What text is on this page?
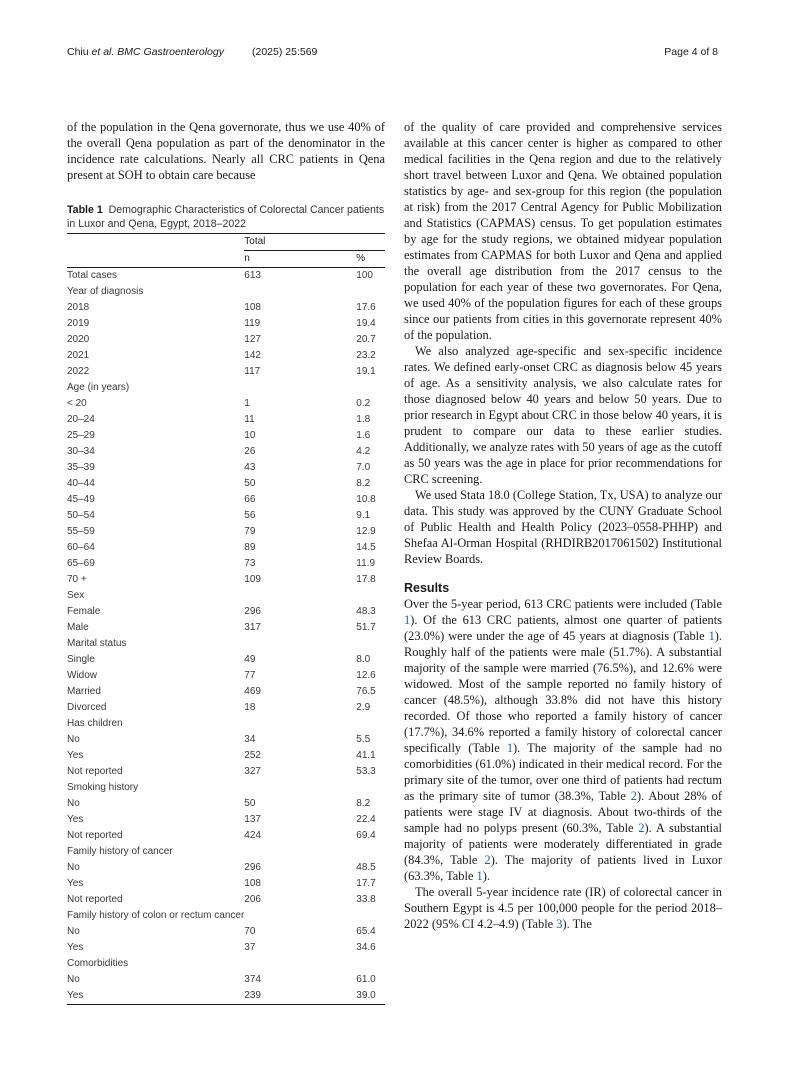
Chiu et al. BMC Gastroenterology	(2025) 25:569	Page 4 of 8

of the population in the Qena governorate, thus we use 40% of the overall Qena population as part of the denominator in the incidence rate calculations. Nearly all CRC patients in Qena present at SOH to obtain care because

Table 1 Demographic Characteristics of Colorectal Cancer patients in Luxor and Qena, Egypt, 2018–2022
	Total	
	n	%
Total cases	613	100
Year of diagnosis		
2018	108	17.6
2019	119	19.4
2020	127	20.7
2021	142	23.2
2022	117	19.1
Age (in years)		
< 20	1	0.2
20–24	11	1.8
25–29	10	1.6
30–34	26	4.2
35–39	43	7.0
40–44	50	8.2
45–49	66	10.8
50–54	56	9.1
55–59	79	12.9
60–64	89	14.5
65–69	73	11.9
70 +	109	17.8
Sex		
Female	296	48.3
Male	317	51.7
Marital status		
Single	49	8.0
Widow	77	12.6
Married	469	76.5
Divorced	18	2.9
Has children		
No	34	5.5
Yes	252	41.1
Not reported	327	53.3
Smoking history		
No	50	8.2
Yes	137	22.4
Not reported	424	69.4
Family history of cancer		
No	296	48.5
Yes	108	17.7
Not reported	206	33.8
Family history of colon or rectum cancer		
No	70	65.4
Yes	37	34.6
Comorbidities		
No	374	61.0
Yes	239	39.0

of the quality of care provided and comprehensive services available at this cancer center is higher as compared to other medical facilities in the Qena region and due to the relatively short travel between Luxor and Qena. We obtained population statistics by age- and sex-group for this region (the population at risk) from the 2017 Central Agency for Public Mobilization and Statistics (CAPMAS) census. To get population estimates by age for the study regions, we obtained midyear population estimates from CAPMAS for both Luxor and Qena and applied the overall age distribution from the 2017 census to the population for each year of these two governorates. For Qena, we used 40% of the population figures for each of these groups since our patients from cities in this governorate represent 40% of the population.

We also analyzed age-specific and sex-specific incidence rates. We defined early-onset CRC as diagnosis below 45 years of age. As a sensitivity analysis, we also calculate rates for those diagnosed below 40 years and below 50 years. Due to prior research in Egypt about CRC in those below 40 years, it is prudent to compare our data to these earlier studies. Additionally, we analyze rates with 50 years of age as the cutoff as 50 years was the age in place for prior recommendations for CRC screening.

We used Stata 18.0 (College Station, Tx, USA) to analyze our data. This study was approved by the CUNY Graduate School of Public Health and Health Policy (2023–0558-PHHP) and Shefaa Al-Orman Hospital (RHDIRB2017061502) Institutional Review Boards.

Results

Over the 5-year period, 613 CRC patients were included (Table 1). Of the 613 CRC patients, almost one quarter of patients (23.0%) were under the age of 45 years at diagnosis (Table 1). Roughly half of the patients were male (51.7%). A substantial majority of the sample were married (76.5%), and 12.6% were widowed. Most of the sample reported no family history of cancer (48.5%), although 33.8% did not have this history recorded. Of those who reported a family history of cancer (17.7%), 34.6% reported a family history of colorectal cancer specifically (Table 1). The majority of the sample had no comorbidities (61.0%) indicated in their medical record. For the primary site of the tumor, over one third of patients had rectum as the primary site of tumor (38.3%, Table 2). About 28% of patients were stage IV at diagnosis. About two-thirds of the sample had no polyps present (60.3%, Table 2). A substantial majority of patients were moderately differentiated in grade (84.3%, Table 2). The majority of patients lived in Luxor (63.3%, Table 1).

The overall 5-year incidence rate (IR) of colorectal cancer in Southern Egypt is 4.5 per 100,000 people for the period 2018–2022 (95% CI 4.2–4.9) (Table 3). The
